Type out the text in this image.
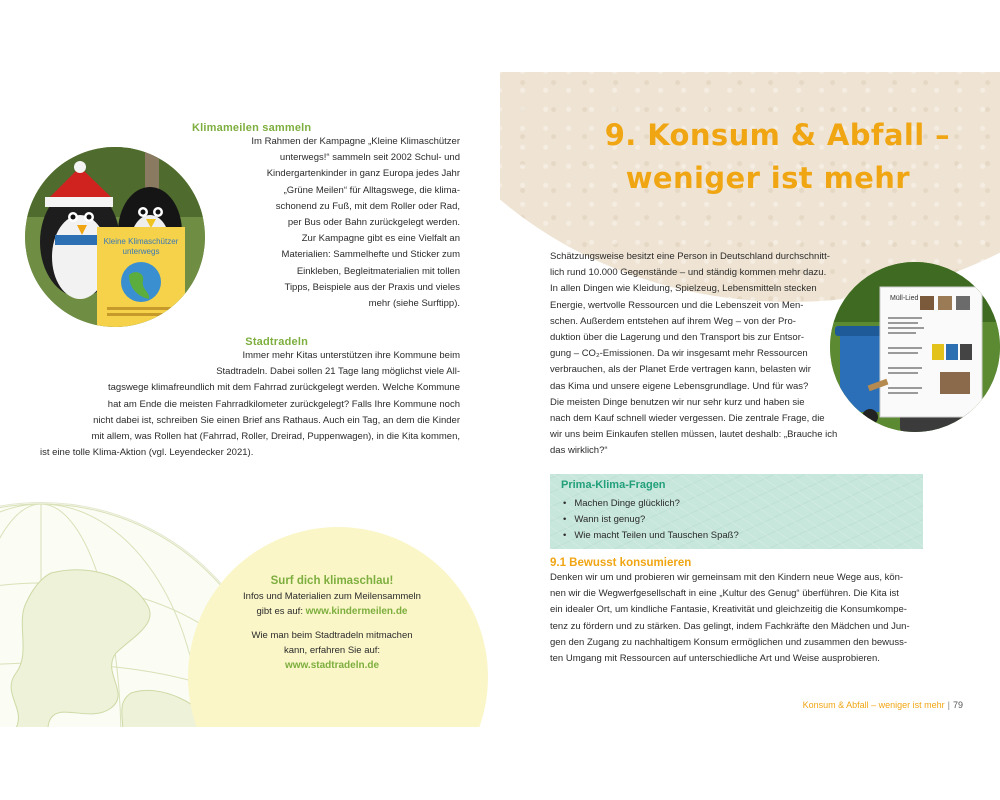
Kleine Klimaschützer
unterwegs

Klimameilen sammeln

Im Rahmen der Kampagne „Kleine Klimaschützer
unterwegs!“ sammeln seit 2002 Schul- und
Kindergartenkinder in ganz Europa jedes Jahr
„Grüne Meilen“ für Alltagswege, die klima-
schonend zu Fuß, mit dem Roller oder Rad,
per Bus oder Bahn zurückgelegt werden.
Zur Kampagne gibt es eine Vielfalt an
Materialien: Sammelhefte und Sticker zum
Einkleben, Begleitmaterialien mit tollen
Tipps, Beispiele aus der Praxis und vieles
mehr (siehe Surftipp).

Stadtradeln

Immer mehr Kitas unterstützen ihre Kommune beim
Stadtradeln. Dabei sollen 21 Tage lang möglichst viele All-
tagswege klimafreundlich mit dem Fahrrad zurückgelegt werden. Welche Kommune
hat am Ende die meisten Fahrradkilometer zurückgelegt? Falls Ihre Kommune noch
nicht dabei ist, schreiben Sie einen Brief ans Rathaus. Auch ein Tag, an dem die Kinder
mit allem, was Rollen hat (Fahrrad, Roller, Dreirad, Puppenwagen), in die Kita kommen,
ist eine tolle Klima-Aktion (vgl. Leyendecker 2021).

Surf dich klimaschlau!

Infos und Materialien zum Meilensammeln

gibt es auf: www.kindermeilen.de

Wie man beim Stadtradeln mitmachen

kann, erfahren Sie auf:

www.stadtradeln.de

9. Konsum & Abfall –
weniger ist mehr
Schätzungsweise besitzt eine Person in Deutschland durchschnitt-
lich rund 10.000 Gegenstände – und ständig kommen mehr dazu.
In allen Dingen wie Kleidung, Spielzeug, Lebensmitteln stecken
Energie, wertvolle Ressourcen und die Lebenszeit von Men-
schen. Außerdem entstehen auf ihrem Weg – von der Pro-
duktion über die Lagerung und den Transport bis zur Entsor-
gung – CO₂-Emissionen. Da wir insgesamt mehr Ressourcen
verbrauchen, als der Planet Erde vertragen kann, belasten wir
das Kima und unsere eigene Lebensgrundlage. Und für was?
Die meisten Dinge benutzen wir nur sehr kurz und haben sie
nach dem Kauf schnell wieder vergessen. Die zentrale Frage, die
wir uns beim Einkaufen stellen müssen, lautet deshalb: „Brauche ich
das wirklich?“
Müll-Lied
Prima-Klima-Fragen
• Machen Dinge glücklich?
• Wann ist genug?
• Wie macht Teilen und Tauschen Spaß?

9.1 Bewusst konsumieren

Denken wir um und probieren wir gemeinsam mit den Kindern neue Wege aus, kön-
nen wir die Wegwerfgesellschaft in eine „Kultur des Genug“ überführen. Die Kita ist
ein idealer Ort, um kindliche Fantasie, Kreativität und gleichzeitig die Konsumkompe-
tenz zu fördern und zu stärken. Das gelingt, indem Fachkräfte den Mädchen und Jun-
gen den Zugang zu nachhaltigem Konsum ermöglichen und zusammen den bewuss-
ten Umgang mit Ressourcen auf unterschiedliche Art und Weise ausprobieren.
Konsum & Abfall – weniger ist mehr | 79
